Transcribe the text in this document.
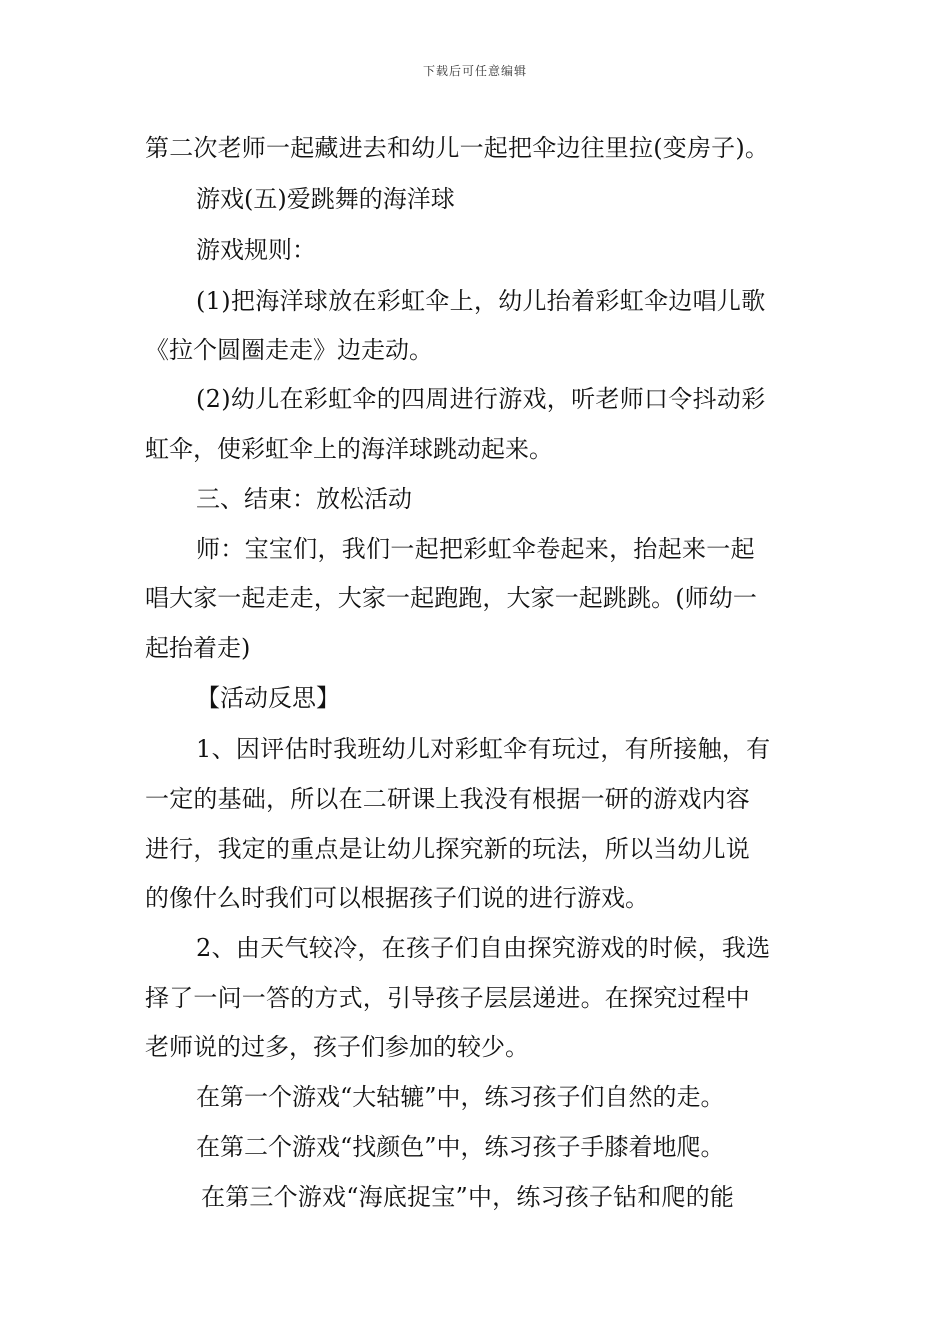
下载后可任意编辑
第二次老师一起藏进去和幼儿一起把伞边往里拉(变房子)。
游戏(五)爱跳舞的海洋球
游戏规则：
(1)把海洋球放在彩虹伞上，幼儿抬着彩虹伞边唱儿歌
《拉个圆圈走走》边走动。
(2)幼儿在彩虹伞的四周进行游戏，听老师口令抖动彩
虹伞，使彩虹伞上的海洋球跳动起来。
三、结束：放松活动
师：宝宝们，我们一起把彩虹伞卷起来，抬起来一起
唱大家一起走走，大家一起跑跑，大家一起跳跳。(师幼一
起抬着走)
【活动反思】
1、因评估时我班幼儿对彩虹伞有玩过，有所接触，有
一定的基础，所以在二研课上我没有根据一研的游戏内容
进行，我定的重点是让幼儿探究新的玩法，所以当幼儿说
的像什么时我们可以根据孩子们说的进行游戏。
2、由天气较冷，在孩子们自由探究游戏的时候，我选
择了一问一答的方式，引导孩子层层递进。在探究过程中
老师说的过多，孩子们参加的较少。
在第一个游戏“大轱辘”中，练习孩子们自然的走。
在第二个游戏“找颜色”中，练习孩子手膝着地爬。
在第三个游戏“海底捉宝”中，练习孩子钻和爬的能
